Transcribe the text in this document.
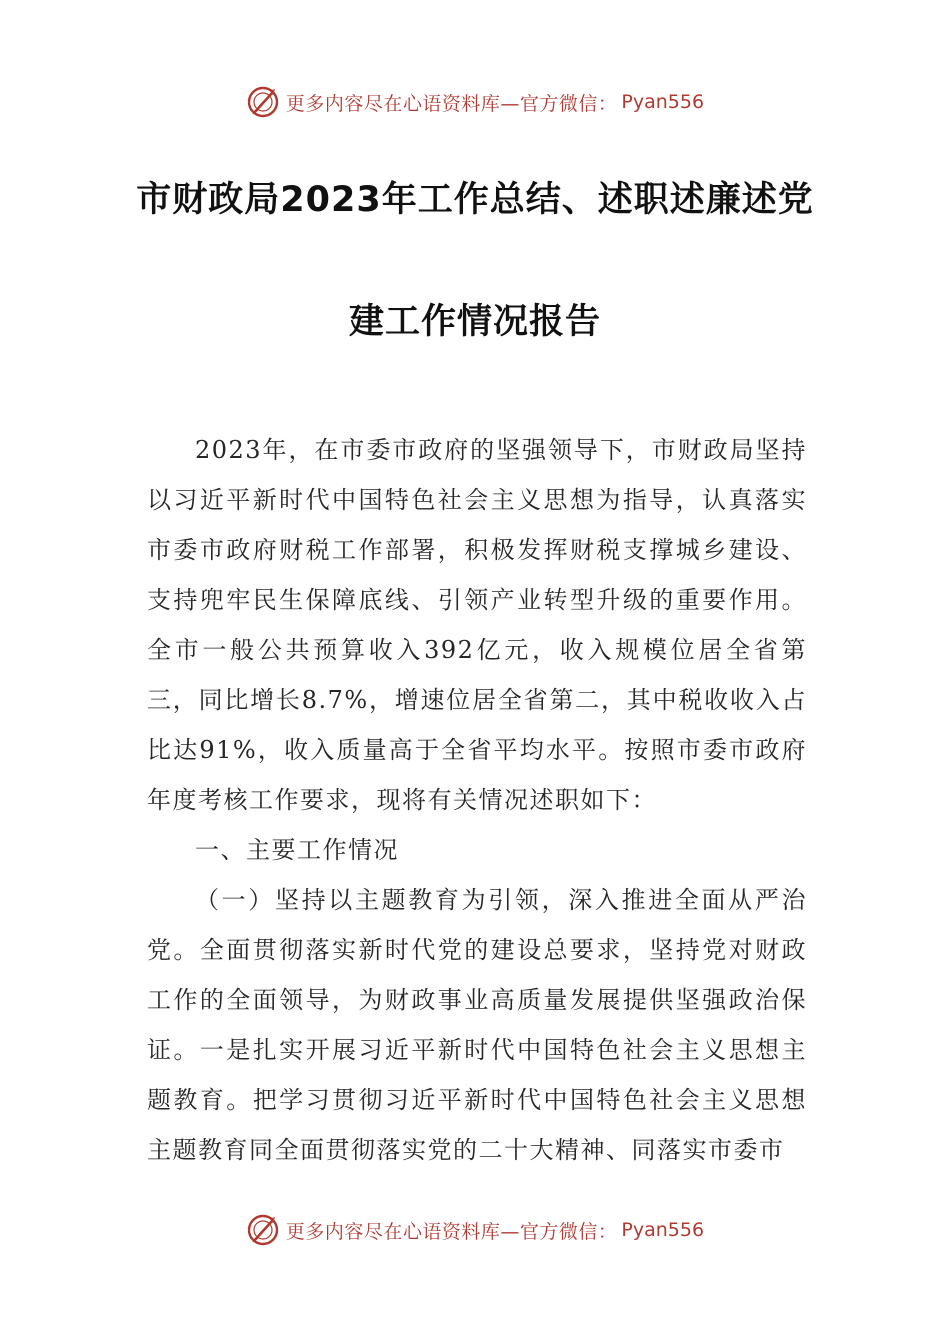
更多内容尽在心语资料库—官方微信： Pyan556
市财政局2023年工作总结、述职述廉述党
建工作情况报告

2023年，在市委市政府的坚强领导下，市财政局坚持以习近平新时代中国特色社会主义思想为指导，认真落实市委市政府财税工作部署，积极发挥财税支撑城乡建设、支持兜牢民生保障底线、引领产业转型升级的重要作用。全市一般公共预算收入392亿元，收入规模位居全省第三，同比增长8.7%，增速位居全省第二，其中税收收入占比达91%，收入质量高于全省平均水平。按照市委市政府年度考核工作要求，现将有关情况述职如下：

一、主要工作情况

（一）坚持以主题教育为引领，深入推进全面从严治党。全面贯彻落实新时代党的建设总要求，坚持党对财政工作的全面领导，为财政事业高质量发展提供坚强政治保证。一是扎实开展习近平新时代中国特色社会主义思想主题教育。把学习贯彻习近平新时代中国特色社会主义思想主题教育同全面贯彻落实党的二十大精神、同落实市委市

更多内容尽在心语资料库—官方微信： Pyan556
